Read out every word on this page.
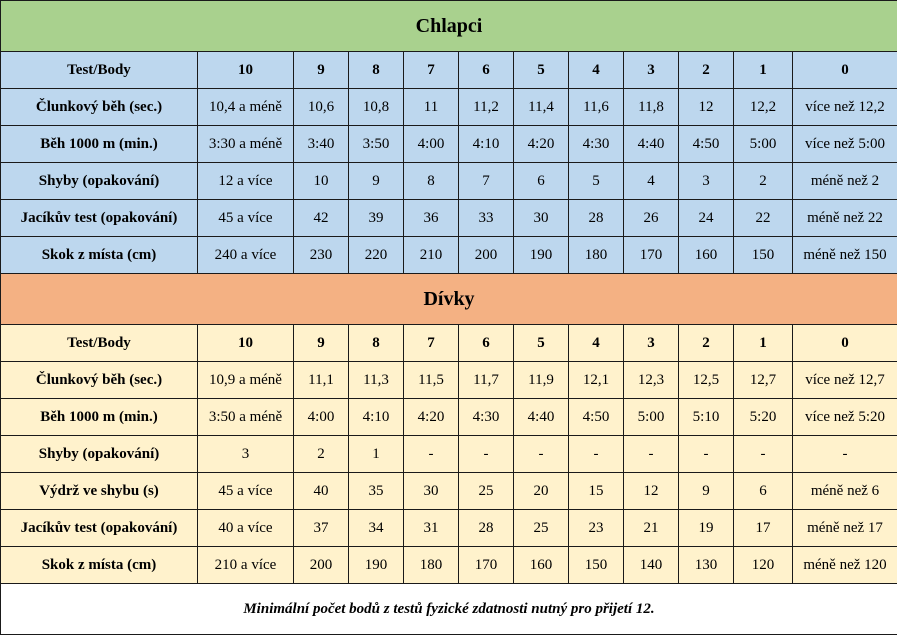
Chlapci											
Test/Body	10	9	8	7	6	5	4	3	2	1	0
Člunkový běh (sec.)	10,4 a méně	10,6	10,8	11	11,2	11,4	11,6	11,8	12	12,2	více než 12,2
Běh 1000 m (min.)	3:30 a méně	3:40	3:50	4:00	4:10	4:20	4:30	4:40	4:50	5:00	více než 5:00
Shyby (opakování)	12 a více	10	9	8	7	6	5	4	3	2	méně než 2
Jacíkův test (opakování)	45 a více	42	39	36	33	30	28	26	24	22	méně než 22
Skok z místa (cm)	240 a více	230	220	210	200	190	180	170	160	150	méně než 150
Dívky											
Test/Body	10	9	8	7	6	5	4	3	2	1	0
Člunkový běh (sec.)	10,9 a méně	11,1	11,3	11,5	11,7	11,9	12,1	12,3	12,5	12,7	více než 12,7
Běh 1000 m (min.)	3:50 a méně	4:00	4:10	4:20	4:30	4:40	4:50	5:00	5:10	5:20	více než 5:20
Shyby (opakování)	3	2	1	-	-	-	-	-	-	-	-
Výdrž ve shybu (s)	45 a více	40	35	30	25	20	15	12	9	6	méně než 6
Jacíkův test (opakování)	40 a více	37	34	31	28	25	23	21	19	17	méně než 17
Skok z místa (cm)	210 a více	200	190	180	170	160	150	140	130	120	méně než 120
Minimální počet bodů z testů fyzické zdatnosti nutný pro přijetí 12.											
